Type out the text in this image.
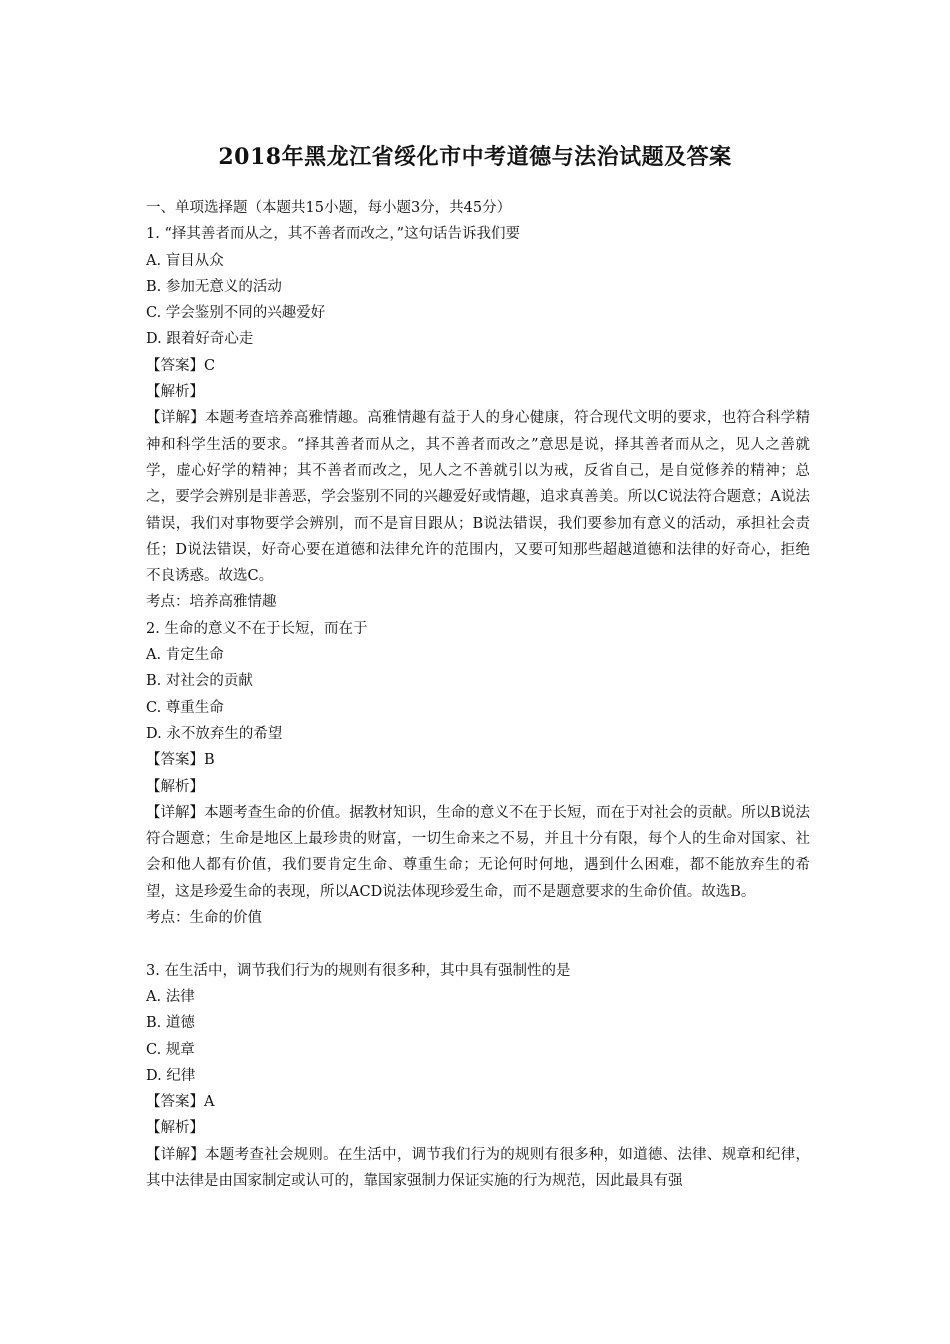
2018年黑龙江省绥化市中考道德与法治试题及答案
一、单项选择题（本题共15小题，每小题3分，共45分）
1. “择其善者而从之，其不善者而改之，”这句话告诉我们要
A. 盲目从众
B. 参加无意义的活动
C. 学会鉴别不同的兴趣爱好
D. 跟着好奇心走
【答案】C
【解析】
【详解】本题考查培养高雅情趣。高雅情趣有益于人的身心健康，符合现代文明的要求，也符合科学精神和科学生活的要求。“择其善者而从之，其不善者而改之”意思是说，择其善者而从之，见人之善就学，虚心好学的精神；其不善者而改之，见人之不善就引以为戒，反省自己，是自觉修养的精神；总之，要学会辨别是非善恶，学会鉴别不同的兴趣爱好或情趣，追求真善美。所以C说法符合题意；A说法错误，我们对事物要学会辨别，而不是盲目跟从；B说法错误，我们要参加有意义的活动，承担社会责任；D说法错误，好奇心要在道德和法律允许的范围内，又要可知那些超越道德和法律的好奇心，拒绝不良诱惑。故选C。
考点：培养高雅情趣
2. 生命的意义不在于长短，而在于
A. 肯定生命
B. 对社会的贡献
C. 尊重生命
D. 永不放弃生的希望
【答案】B
【解析】
【详解】本题考查生命的价值。据教材知识，生命的意义不在于长短，而在于对社会的贡献。所以B说法符合题意；生命是地区上最珍贵的财富，一切生命来之不易，并且十分有限，每个人的生命对国家、社会和他人都有价值，我们要肯定生命、尊重生命；无论何时何地，遇到什么困难，都不能放弃生的希望，这是珍爱生命的表现，所以ACD说法体现珍爱生命，而不是题意要求的生命价值。故选B。
考点：生命的价值
3. 在生活中，调节我们行为的规则有很多种，其中具有强制性的是
A. 法律
B. 道德
C. 规章
D. 纪律
【答案】A
【解析】
【详解】本题考查社会规则。在生活中，调节我们行为的规则有很多种，如道德、法律、规章和纪律，其中法律是由国家制定或认可的，靠国家强制力保证实施的行为规范，因此最具有强
